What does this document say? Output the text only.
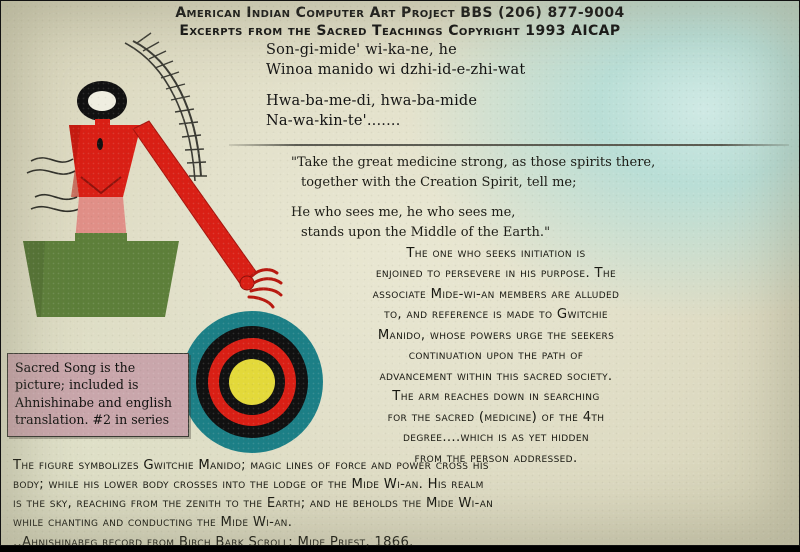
American Indian Computer Art Project BBS (206) 877-9004
Excerpts from the Sacred Teachings Copyright 1993 AICAP
Son-gi-mide' wi-ka-ne, he
Winoa manido wi dzhi-id-e-zhi-wat
Hwa-ba-me-di, hwa-ba-mide
Na-wa-kin-te'.......
"Take the great medicine strong, as those spirits there,
together with the Creation Spirit, tell me;
He who sees me, he who sees me,
stands upon the Middle of the Earth."
The one who seeks initiation is
enjoined to persevere in his purpose. The
associate Mide-wi-an members are alluded
to, and reference is made to Gwitchie
Manido, whose powers urge the seekers
continuation upon the path of
advancement within this sacred society.
The arm reaches down in searching
for the sacred (medicine) of the 4th
degree....which is as yet hidden
from the person addressed.
Sacred Song is the
picture; included is
Ahnishinabe and english
translation. #2 in series
The figure symbolizes Gwitchie Manido; magic lines of force and power cross his
body; while his lower body crosses into the lodge of the Mide Wi-an. His realm
is the sky, reaching from the zenith to the Earth; and he beholds the Mide Wi-an
while chanting and conducting the Mide Wi-an.
..Ahnishinabeg record from Birch Bark Scroll; Mide Priest, 1866.
